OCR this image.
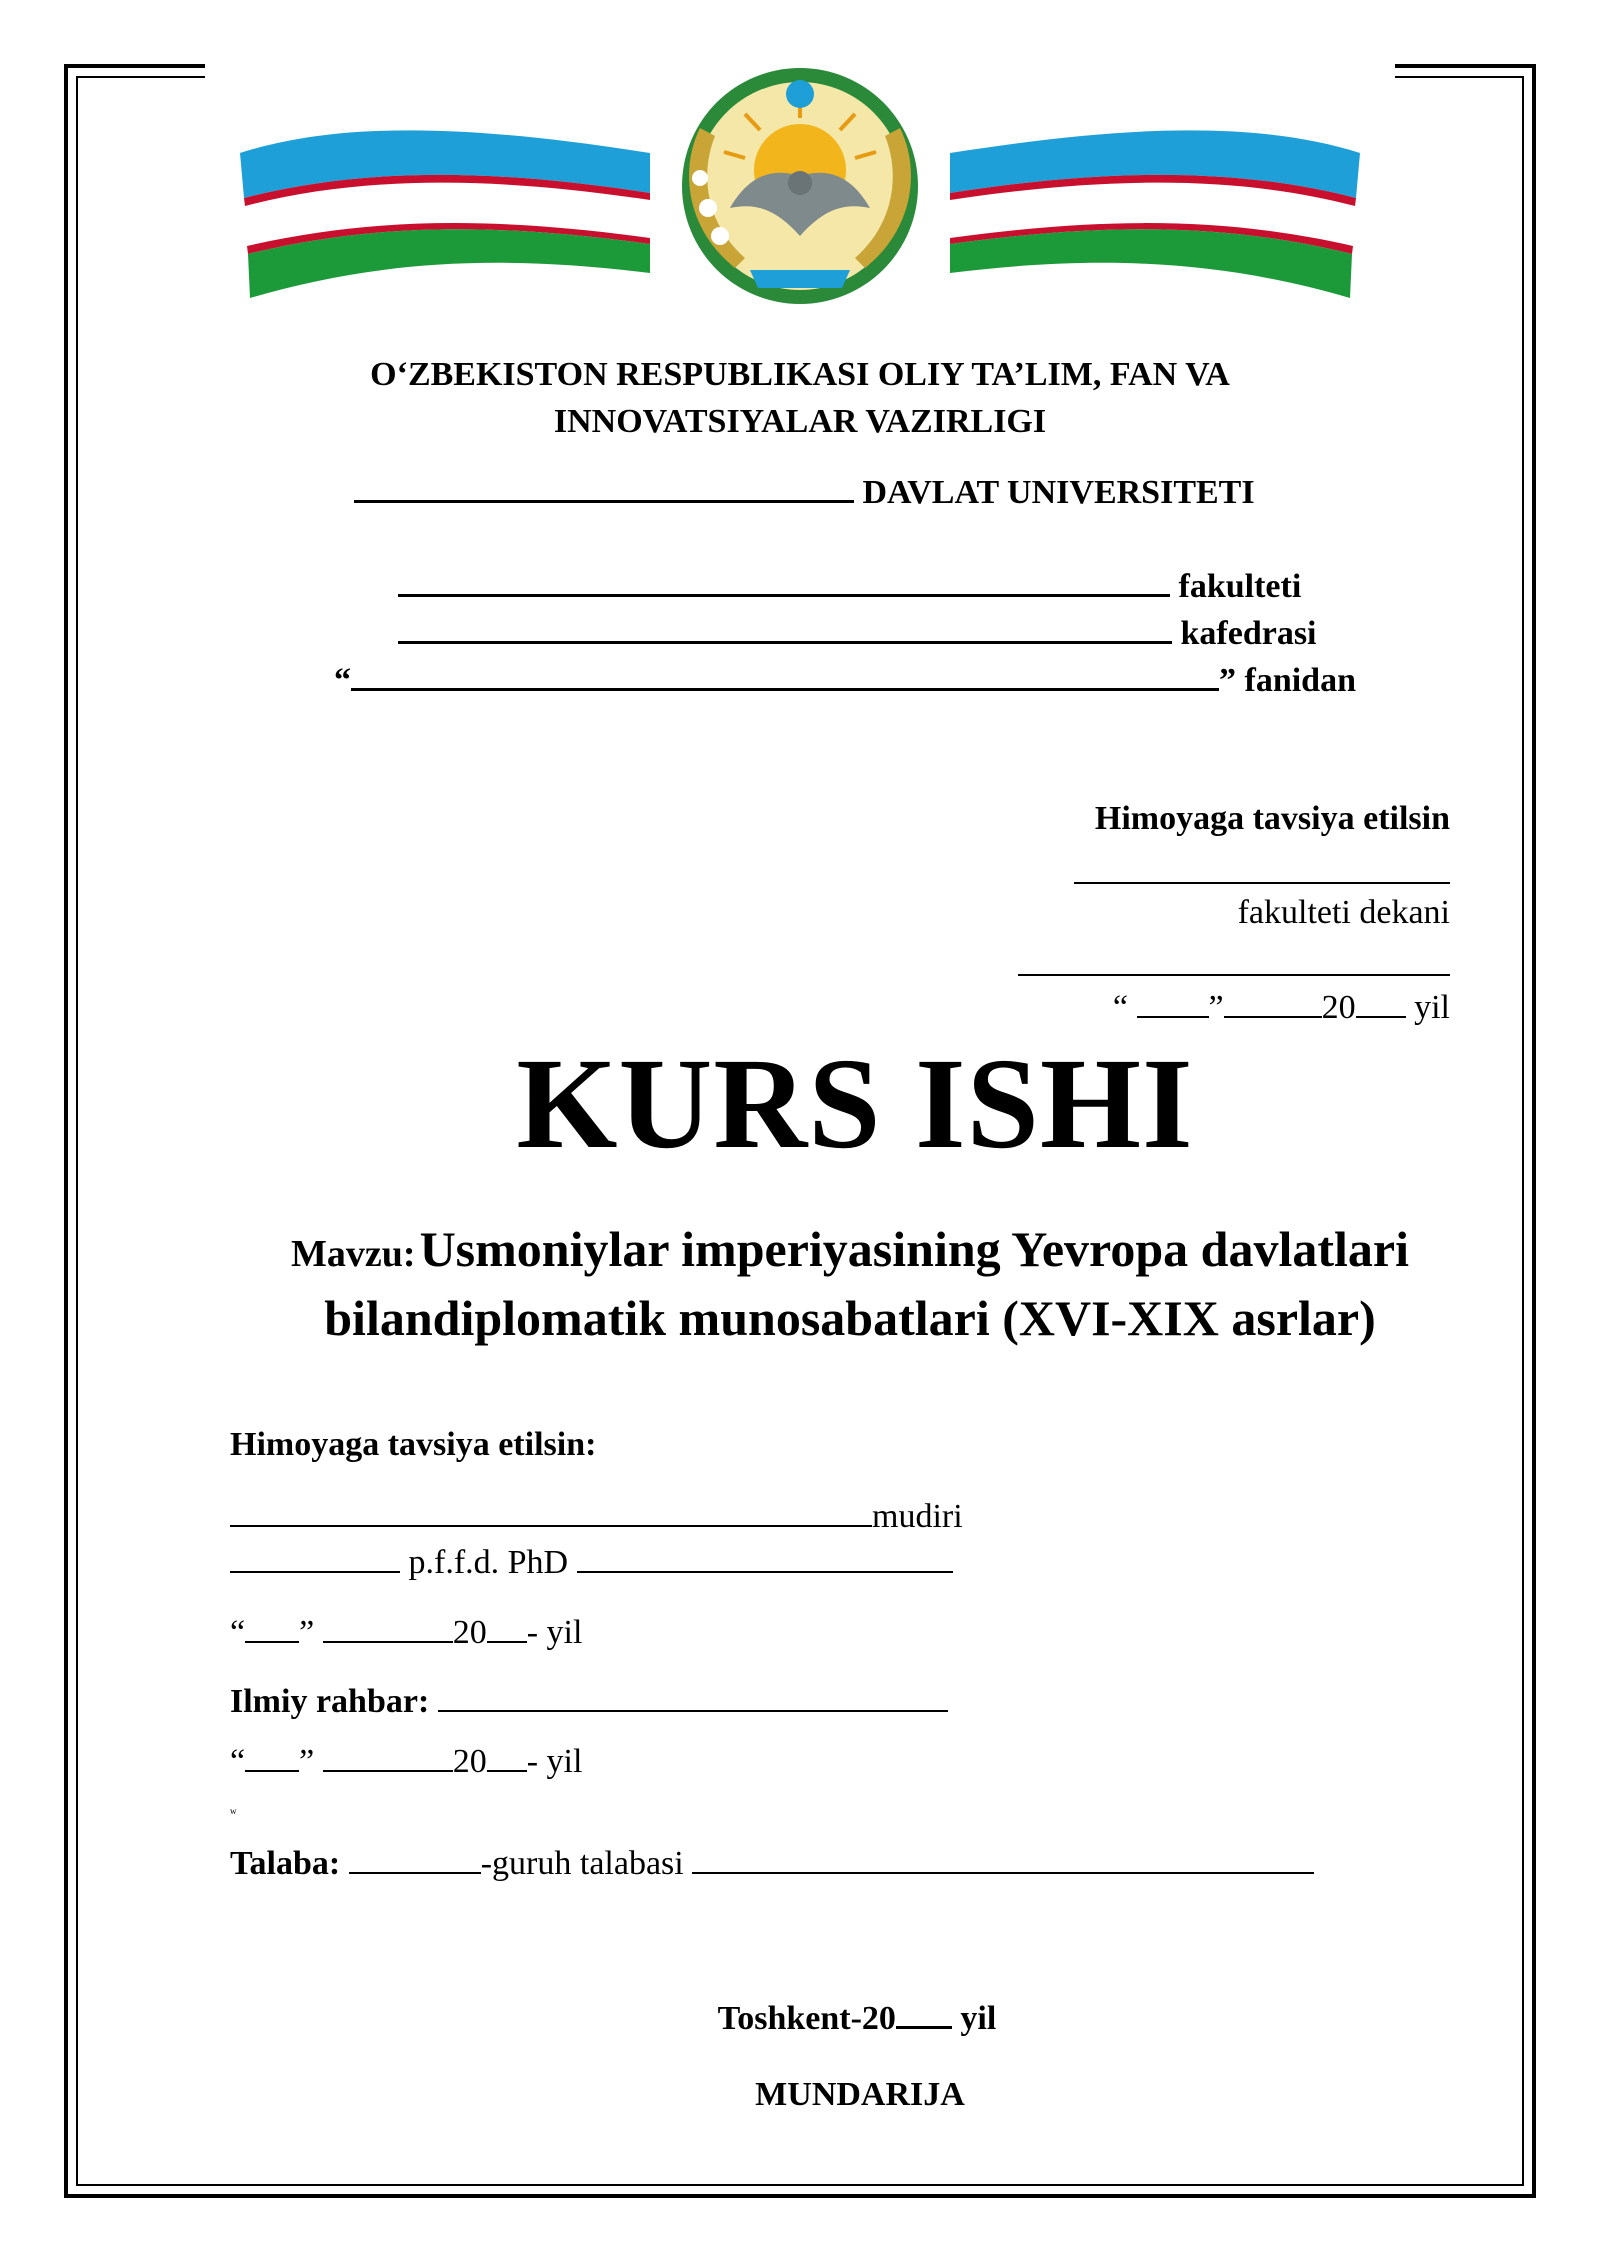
O‘ZBEKISTON RESPUBLIKASI OLIY TA’LIM, FAN VA
INNOVATSIYALAR VAZIRLIGI
DAVLAT UNIVERSITETI
fakulteti
kafedrasi
“	” fanidan
Himoyaga tavsiya etilsin
fakulteti dekani
“ ”	20 yil
KURS ISHI
Mavzu: Usmoniylar imperiyasining Yevropa davlatlari
bilandiplomatik munosabatlari (XVI-XIX asrlar)
Himoyaga tavsiya etilsin:
mudiri
p.f.f.d. PhD
“ ”	20 - yil
Ilmiy rahbar:
“ ”	20 - yil
w
Talaba:	-guruh talabasi
Toshkent-20 yil
MUNDARIJA
